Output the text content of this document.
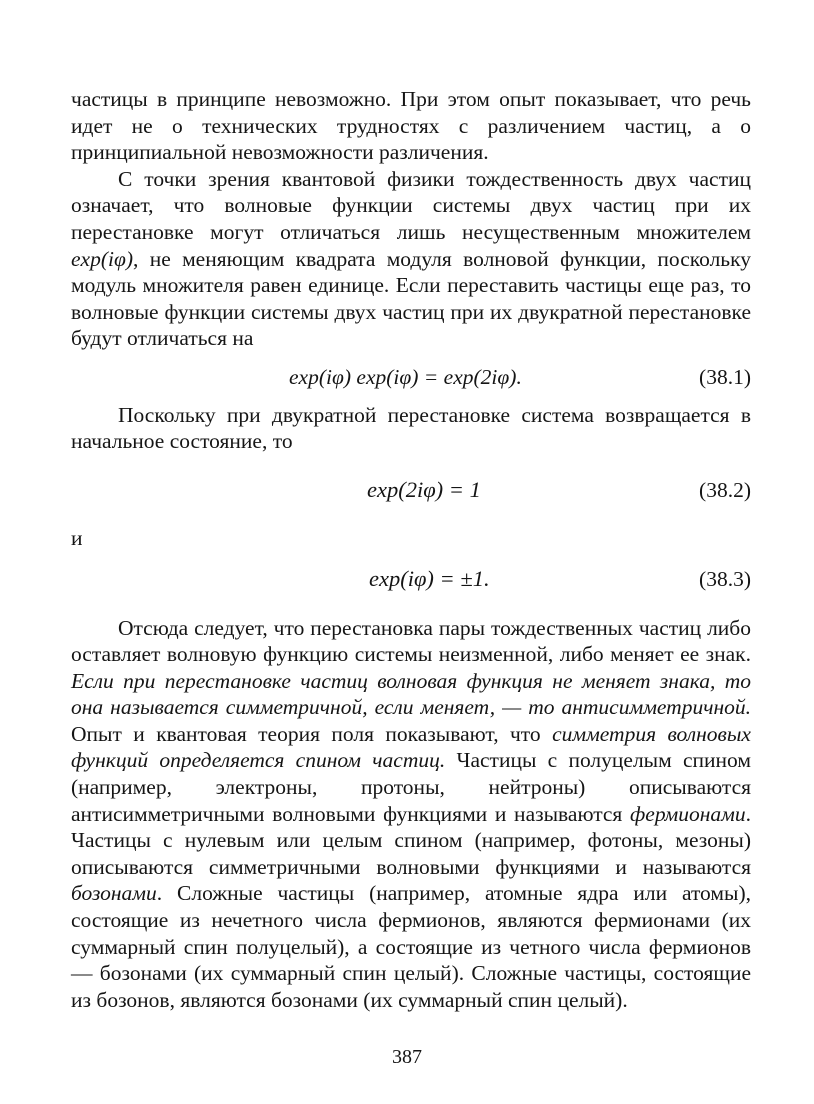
частицы в принципе невозможно. При этом опыт показывает, что речь идет не о технических трудностях с различением частиц, а о принципиальной невозможности различения.

С точки зрения квантовой физики тождественность двух частиц означает, что волновые функции системы двух частиц при их перестановке могут отличаться лишь несущественным множителем exp(iφ), не меняющим квадрата модуля волновой функции, поскольку модуль множителя равен единице. Если переставить частицы еще раз, то волновые функции системы двух частиц при их двукратной перестановке будут отличаться на

exp(iφ) exp(iφ) = exp(2iφ).	(38.1)

Поскольку при двукратной перестановке система возвращается в начальное состояние, то

exp(2iφ) = 1	(38.2)

и

exp(iφ) = ±1.	(38.3)

Отсюда следует, что перестановка пары тождественных частиц либо оставляет волновую функцию системы неизменной, либо меняет ее знак. Если при перестановке частиц волновая функция не меняет знака, то она называется симметричной, если меняет, — то антисимметричной. Опыт и квантовая теория поля показывают, что симметрия волновых функций определяется спином частиц. Частицы с полуцелым спином (например, электроны, протоны, нейтроны) описываются антисимметричными волновыми функциями и называются фермионами. Частицы с нулевым или целым спином (например, фотоны, мезоны) описываются симметричными волновыми функциями и называются бозонами. Сложные частицы (например, атомные ядра или атомы), состоящие из нечетного числа фермионов, являются фермионами (их суммарный спин полуцелый), а состоящие из четного числа фермионов — бозонами (их суммарный спин целый). Сложные частицы, состоящие из бозонов, являются бозонами (их суммарный спин целый).

387
